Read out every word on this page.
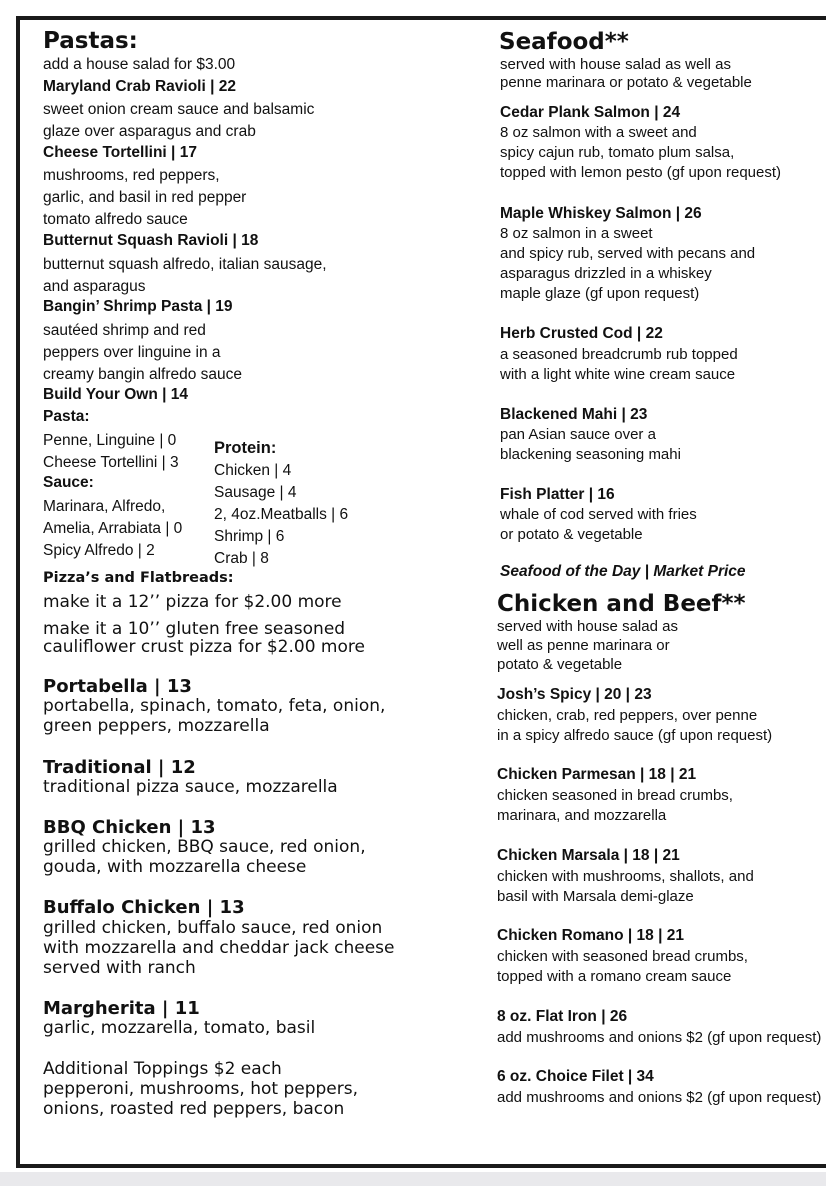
Pastas:
add a house salad for $3.00
Maryland Crab Ravioli | 22
sweet onion cream sauce and balsamic
glaze over asparagus and crab
Cheese Tortellini | 17
mushrooms, red peppers,
garlic, and basil in red pepper
tomato alfredo sauce
Butternut Squash Ravioli | 18
butternut squash alfredo, italian sausage,
and asparagus
Bangin’ Shrimp Pasta | 19
sautéed shrimp and red
peppers over linguine in a
creamy bangin alfredo sauce
Build Your Own | 14
Pasta:
Penne, Linguine | 0
Cheese Tortellini | 3
Sauce:
Marinara, Alfredo,
Amelia, Arrabiata | 0
Spicy Alfredo | 2
Protein:
Chicken | 4
Sausage | 4
2, 4oz.Meatballs | 6
Shrimp | 6
Crab | 8
Pizza’s and Flatbreads:
make it a 12’’ pizza for $2.00 more
make it a 10’’ gluten free seasoned
cauliflower crust pizza for $2.00 more
Portabella | 13
portabella, spinach, tomato, feta, onion,
green peppers, mozzarella
Traditional | 12
traditional pizza sauce, mozzarella
BBQ Chicken | 13
grilled chicken, BBQ sauce, red onion,
gouda, with mozzarella cheese
Buffalo Chicken | 13
grilled chicken, buffalo sauce, red onion
with mozzarella and cheddar jack cheese
served with ranch
Margherita | 11
garlic, mozzarella, tomato, basil
Additional Toppings $2 each
pepperoni, mushrooms, hot peppers,
onions, roasted red peppers, bacon
Seafood**
served with house salad as well as
penne marinara or potato & vegetable
Cedar Plank Salmon | 24
8 oz salmon with a sweet and
spicy cajun rub, tomato plum salsa,
topped with lemon pesto (gf upon request)
Maple Whiskey Salmon | 26
8 oz salmon in a sweet
and spicy rub, served with pecans and
asparagus drizzled in a whiskey
maple glaze (gf upon request)
Herb Crusted Cod | 22
a seasoned breadcrumb rub topped
with a light white wine cream sauce
Blackened Mahi | 23
pan Asian sauce over a
blackening seasoning mahi
Fish Platter | 16
whale of cod served with fries
or potato & vegetable
Seafood of the Day | Market Price
Chicken and Beef**
served with house salad as
well as penne marinara or
potato & vegetable
Josh’s Spicy | 20 | 23
chicken, crab, red peppers, over penne
in a spicy alfredo sauce (gf upon request)
Chicken Parmesan | 18 | 21
chicken seasoned in bread crumbs,
marinara, and mozzarella
Chicken Marsala | 18 | 21
chicken with mushrooms, shallots, and
basil with Marsala demi-glaze
Chicken Romano | 18 | 21
chicken with seasoned bread crumbs,
topped with a romano cream sauce
8 oz. Flat Iron | 26
add mushrooms and onions $2 (gf upon request)
6 oz. Choice Filet | 34
add mushrooms and onions $2 (gf upon request)
